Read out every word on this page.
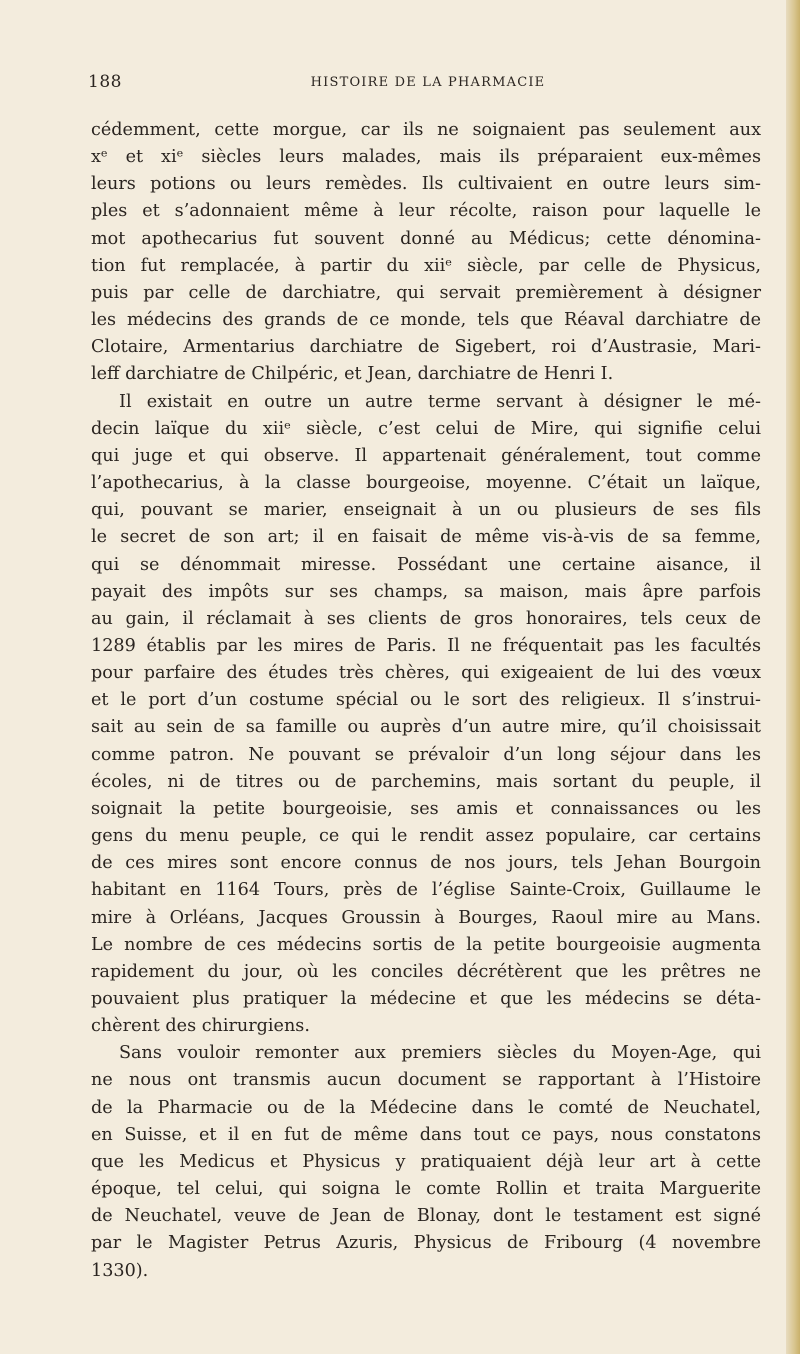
188	HISTOIRE DE LA PHARMACIE
cédemment, cette morgue, car ils ne soignaient pas seulement aux
xᵉ et xiᵉ siècles leurs malades, mais ils préparaient eux-mêmes
leurs potions ou leurs remèdes. Ils cultivaient en outre leurs sim-
ples et s’adonnaient même à leur récolte, raison pour laquelle le
mot apothecarius fut souvent donné au Médicus; cette dénomina-
tion fut remplacée, à partir du xiiᵉ siècle, par celle de Physicus,
puis par celle de darchiatre, qui servait premièrement à désigner
les médecins des grands de ce monde, tels que Réaval darchiatre de
Clotaire, Armentarius darchiatre de Sigebert, roi d’Austrasie, Mari-
leff darchiatre de Chilpéric, et Jean, darchiatre de Henri I.
Il existait en outre un autre terme servant à désigner le mé-
decin laïque du xiiᵉ siècle, c’est celui de Mire, qui signifie celui
qui juge et qui observe. Il appartenait généralement, tout comme
l’apothecarius, à la classe bourgeoise, moyenne. C’était un laïque,
qui, pouvant se marier, enseignait à un ou plusieurs de ses fils
le secret de son art; il en faisait de même vis-à-vis de sa femme,
qui se dénommait miresse. Possédant une certaine aisance, il
payait des impôts sur ses champs, sa maison, mais âpre parfois
au gain, il réclamait à ses clients de gros honoraires, tels ceux de
1289 établis par les mires de Paris. Il ne fréquentait pas les facultés
pour parfaire des études très chères, qui exigeaient de lui des vœux
et le port d’un costume spécial ou le sort des religieux. Il s’instrui-
sait au sein de sa famille ou auprès d’un autre mire, qu’il choisissait
comme patron. Ne pouvant se prévaloir d’un long séjour dans les
écoles, ni de titres ou de parchemins, mais sortant du peuple, il
soignait la petite bourgeoisie, ses amis et connaissances ou les
gens du menu peuple, ce qui le rendit assez populaire, car certains
de ces mires sont encore connus de nos jours, tels Jehan Bourgoin
habitant en 1164 Tours, près de l’église Sainte-Croix, Guillaume le
mire à Orléans, Jacques Groussin à Bourges, Raoul mire au Mans.
Le nombre de ces médecins sortis de la petite bourgeoisie augmenta
rapidement du jour, où les conciles décrétèrent que les prêtres ne
pouvaient plus pratiquer la médecine et que les médecins se déta-
chèrent des chirurgiens.
Sans vouloir remonter aux premiers siècles du Moyen-Age, qui
ne nous ont transmis aucun document se rapportant à l’Histoire
de la Pharmacie ou de la Médecine dans le comté de Neuchatel,
en Suisse, et il en fut de même dans tout ce pays, nous constatons
que les Medicus et Physicus y pratiquaient déjà leur art à cette
époque, tel celui, qui soigna le comte Rollin et traita Marguerite
de Neuchatel, veuve de Jean de Blonay, dont le testament est signé
par le Magister Petrus Azuris, Physicus de Fribourg (4 novembre
1330).
